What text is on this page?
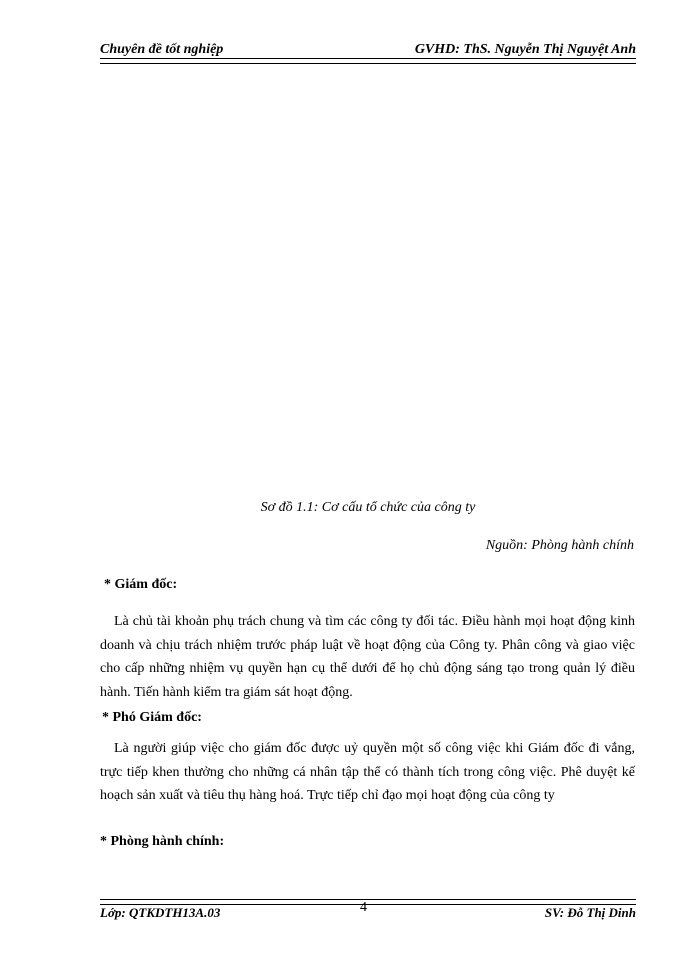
Chuyên đề tốt nghiệp	GVHD: ThS. Nguyễn Thị Nguyệt Anh
Sơ đồ 1.1: Cơ cấu tổ chức của công ty
Nguồn: Phòng hành chính
* Giám đốc:
Là chủ tài khoản phụ trách chung và tìm các công ty đối tác. Điều hành mọi hoạt động kinh doanh và chịu trách nhiệm trước pháp luật về hoạt động của Công ty. Phân công và giao việc cho cấp những nhiệm vụ quyền hạn cụ thể dưới để họ chủ động sáng tạo trong quản lý điều hành. Tiến hành kiểm tra giám sát hoạt động.
* Phó Giám đốc:
Là người giúp việc cho giám đốc được uỷ quyền một số công việc khi Giám đốc đi vắng, trực tiếp khen thưởng cho những cá nhân tập thể có thành tích trong công việc. Phê duyệt kế hoạch sản xuất và tiêu thụ hàng hoá. Trực tiếp chỉ đạo mọi hoạt động của công ty
* Phòng hành chính:
Lớp: QTKDTH13A.03	4	SV: Đỗ Thị Dinh
